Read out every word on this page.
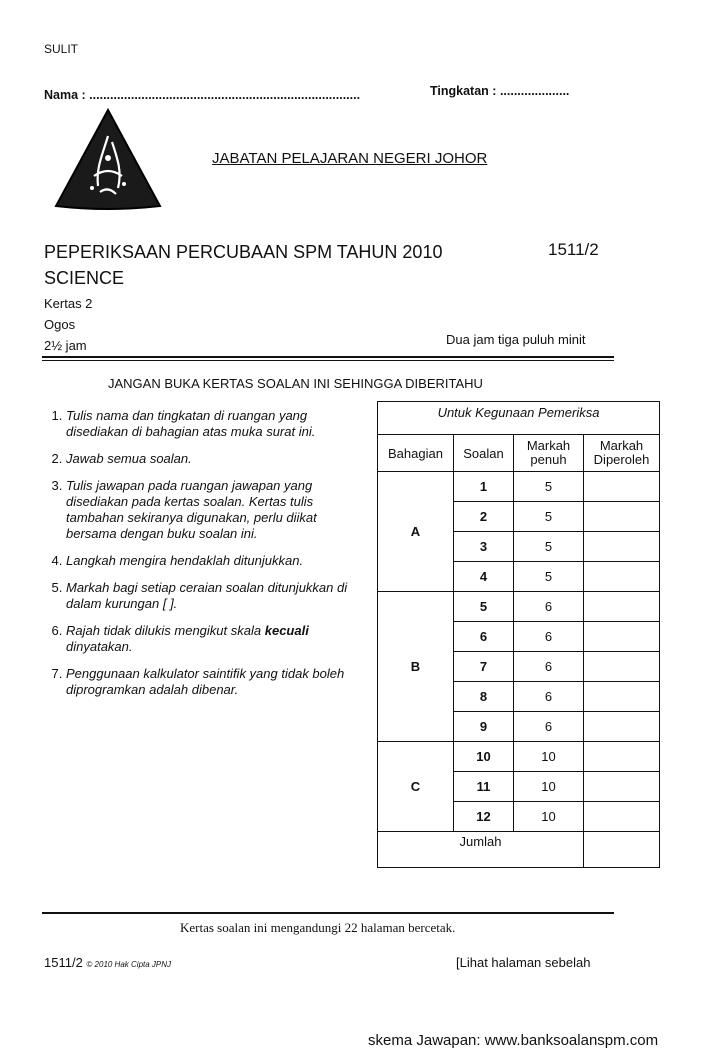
SULIT
Nama : ..............................................................................	Tingkatan : ....................
JABATAN PELAJARAN NEGERI JOHOR
PEPERIKSAAN PERCUBAAN SPM TAHUN 2010	1511/2
SCIENCE
Kertas 2
Ogos
2½ jam	Dua jam tiga puluh minit
JANGAN BUKA KERTAS SOALAN INI SEHINGGA DIBERITAHU
1. Tulis nama dan tingkatan di ruangan yang disediakan di bahagian atas muka surat ini.
2. Jawab semua soalan.
3. Tulis jawapan pada ruangan jawapan yang disediakan pada kertas soalan. Kertas tulis tambahan sekiranya digunakan, perlu diikat bersama dengan buku soalan ini.
4. Langkah mengira hendaklah ditunjukkan.
5. Markah bagi setiap ceraian soalan ditunjukkan di dalam kurungan [ ].
6. Rajah tidak dilukis mengikut skala kecuali dinyatakan.
7. Penggunaan kalkulator saintifik yang tidak boleh diprogramkan adalah dibenar.
Untuk Kegunaan Pemeriksa			
Bahagian	Soalan	Markah penuh	Markah Diperoleh
A	1	5	
	2	5	
	3	5	
	4	5	
B	5	6	
	6	6	
	7	6	
	8	6	
	9	6	
C	10	10	
	11	10	
	12	10	
Jumlah			
Kertas soalan ini mengandungi 22 halaman bercetak.
1511/2 © 2010 Hak Cipta JPNJ	[Lihat halaman sebelah
skema Jawapan: www.banksoalanspm.com
